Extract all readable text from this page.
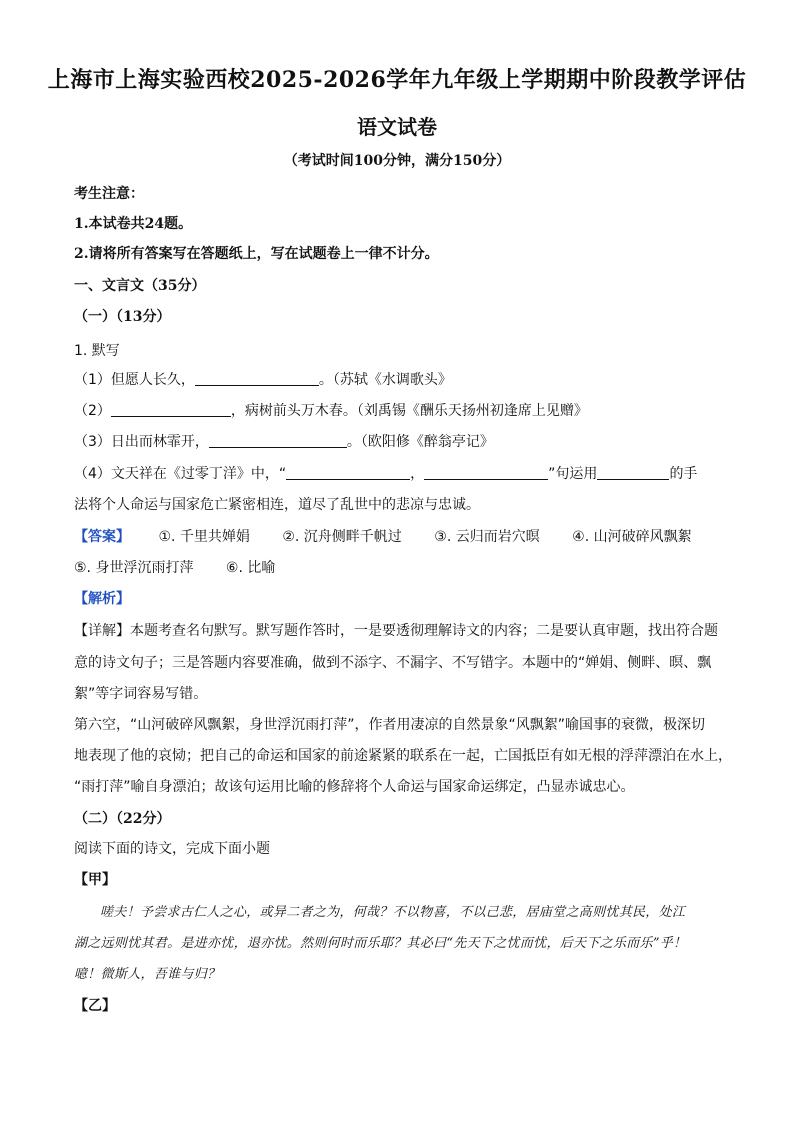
上海市上海实验西校2025-2026学年九年级上学期期中阶段教学评估
语文试卷
（考试时间100分钟，满分150分）
考生注意：
1.本试卷共24题。
2.请将所有答案写在答题纸上，写在试题卷上一律不计分。
一、文言文（35分）
（一）（13分）
1. 默写
（1）但愿人长久，	。（苏轼《水调歌头》
（2）	，病树前头万木春。（刘禹锡《酬乐天扬州初逢席上见赠》
（3）日出而林霏开，	。（欧阳修《醉翁亭记》
（4）文天祥在《过零丁洋》中，“	，	”句运用	的手
法将个人命运与国家危亡紧密相连，道尽了乱世中的悲凉与忠诚。
【答案】 ①. 千里共婵娟 ②. 沉舟侧畔千帆过 ③. 云归而岩穴暝 ④. 山河破碎风飘絮
⑤. 身世浮沉雨打萍 ⑥. 比喻
【解析】
【详解】本题考查名句默写。默写题作答时，一是要透彻理解诗文的内容；二是要认真审题，找出符合题
意的诗文句子；三是答题内容要准确，做到不添字、不漏字、不写错字。本题中的“婵娟、侧畔、暝、飘
絮”等字词容易写错。
第六空，“山河破碎风飘絮，身世浮沉雨打萍”，作者用凄凉的自然景象“风飘絮”喻国事的衰微，极深切
地表现了他的哀恸；把自己的命运和国家的前途紧紧的联系在一起，亡国抵臣有如无根的浮萍漂泊在水上，
“雨打萍”喻自身漂泊；故该句运用比喻的修辞将个人命运与国家命运绑定，凸显赤诚忠心。
（二）（22分）
阅读下面的诗文，完成下面小题
【甲】
嗟夫！予尝求古仁人之心，或异二者之为，何哉？不以物喜，不以己悲，居庙堂之高则忧其民，处江
湖之远则忧其君。是进亦忧，退亦忧。然则何时而乐耶？其必曰“先天下之忧而忧，后天下之乐而乐”乎！
噫！微斯人，吾谁与归？
【乙】
